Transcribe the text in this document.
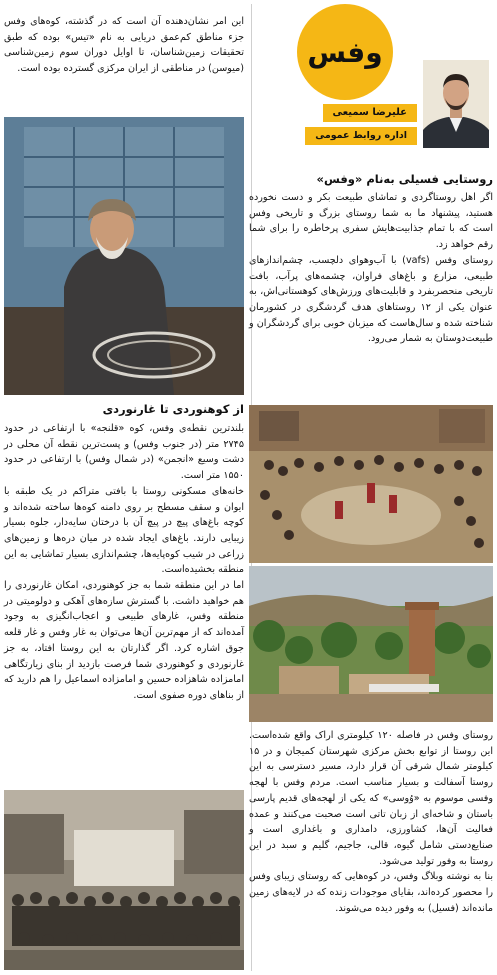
وفس
علیرضا سمیعی
اداره روابط عمومی
روستایی فسیلی به‌نام «وفس»

اگر اهل روستاگردی و تماشای طبیعت بکر و دست نخورده هستید، پیشنهاد ما به شما روستای بزرگ و تاریخی وفس است که با تمام جذابیت‌هایش سفری پرخاطره را برای شما رقم خواهد زد.

روستای وفس (vafs) با آب‌وهوای دلچسب، چشم‌اندازهای طبیعی، مزارع و باغ‌های فراوان، چشمه‌های پرآب، بافت تاریخی منحصربفرد و قابلیت‌های ورزش‌های کوهستانی‌اش، به عنوان یکی از ۱۲ روستاهای هدف گردشگری در کشورمان شناخته شده و سال‌هاست که میزبان خوبی برای گردشگران و طبیعت‌دوستان به شمار می‌رود.

روستای وفس در فاصله ۱۲۰ کیلومتری اراک واقع شده‌است. این روستا از توابع بخش مرکزی شهرستان کمیجان و در ۱۵ کیلومتر شمال شرقی آن قرار دارد، مسیر دسترسی به این روستا آسفالت و بسیار مناسب است. مردم وفس با لهجه وفسی موسوم به «وُوسی» که یکی از لهجه‌های قدیم پارسی باستان و شاخه‌ای از زبان تاتی است صحبت می‌کنند و عمده فعالیت آن‌ها، کشاورزی، دامداری و باغداری است و صنایع‌دستی شامل گیوه، قالی، جاجیم، گلیم و سبد در این روستا به وفور تولید می‌شود.

بنا به نوشته وبلاگ وفس، در کوه‌هایی که روستای زیبای وفس را محصور کرده‌اند، بقایای موجودات زنده که در لایه‌های زمین مانده‌اند (فسیل) به وفور دیده می‌شوند.

این امر نشان‌دهنده آن است که در گذشته، کوه‌های وفس جزء مناطق کم‌عمق دریایی به نام «تیس» بوده که طبق تحقیقات زمین‌شناسان، تا اوایل دوران سوم زمین‌شناسی (میوسن) در مناطقی از ایران مرکزی گسترده بوده است.

از کوهنوردی تا غارنوردی

بلندترین نقطه‌ی وفس، کوه «قلنجه» با ارتفاعی در حدود ۲۷۴۵ متر (در جنوب وفس) و پست‌ترین نقطه آن محلی در دشت وسیع «انجمن» (در شمال وفس) با ارتفاعی در حدود ۱۵۵۰ متر است.

خانه‌های مسکونی روستا با بافتی متراکم در یک طبقه با ایوان و سقف مسطح بر روی دامنه کوه‌ها ساخته شده‌اند و کوچه باغ‌های پیچ در پیچ آن با درختان سایه‌دار، جلوه بسیار زیبایی دارند. باغ‌های ایجاد شده در میان دره‌ها و زمین‌های زراعی در شیب کوه‌پایه‌ها، چشم‌اندازی بسیار تماشایی به این منطقه بخشیده‌است.

اما در این منطقه شما به جز کوهنوردی، امکان غارنوردی را هم خواهید داشت. با گسترش سازه‌های آهکی و دولومیتی در منطقه وفس، غارهای طبیعی و اعجاب‌انگیزی به وجود آمده‌اند که از مهم‌ترین آن‌ها می‌توان به غار وفس و غار قلعه جوق اشاره کرد. اگر گذارتان به این روستا افتاد، به جز غارنوردی و کوهنوردی شما فرصت بازدید از بنای زیارتگاهی امامزاده شاهزاده حسین و امامزاده اسماعیل را هم دارید که از بناهای دوره صفوی است.
